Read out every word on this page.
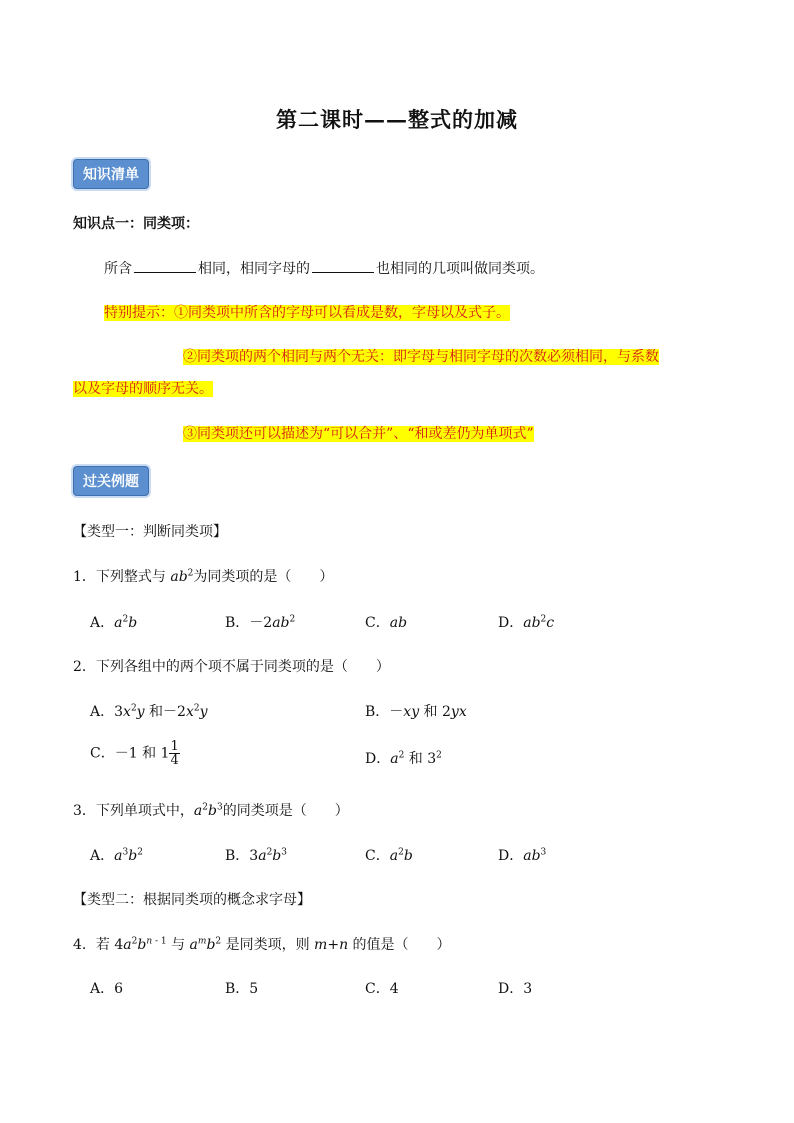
第二课时——整式的加减
知识清单
知识点一：同类项：
所含	相同，相同字母的	也相同的几项叫做同类项。
特别提示：①同类项中所含的字母可以看成是数，字母以及式子。
②同类项的两个相同与两个无关：即字母与相同字母的次数必须相同，与系数
以及字母的顺序无关。
③同类项还可以描述为“可以合并”、“和或差仍为单项式”
过关例题
【类型一：判断同类项】
1．下列整式与 $ab^2$为同类项的是（　　）
A．$a^2b$	B．$-2ab^2$	C．ab	D．$ab^2c$
2．下列各组中的两个项不属于同类项的是（　　）
A．$3x^2y$ 和$-2x^2y$	B．－xy 和 2yx
C．－1 和 $1 \frac{1}{4}$	D．$a^2$ 和 $3^2$
3．下列单项式中，$a^2b^3$的同类项是（　　）
A．$a^3b^2$	B．$3a^2b^3$	C．$a^2b$	D．$ab^3$
【类型二：根据同类项的概念求字母】
4．若 $4a^2b^{n - 1}$ 与 $a^mb^2$ 是同类项，则 m+n 的值是（　　）
A．6	B．5	C．4	D．3
